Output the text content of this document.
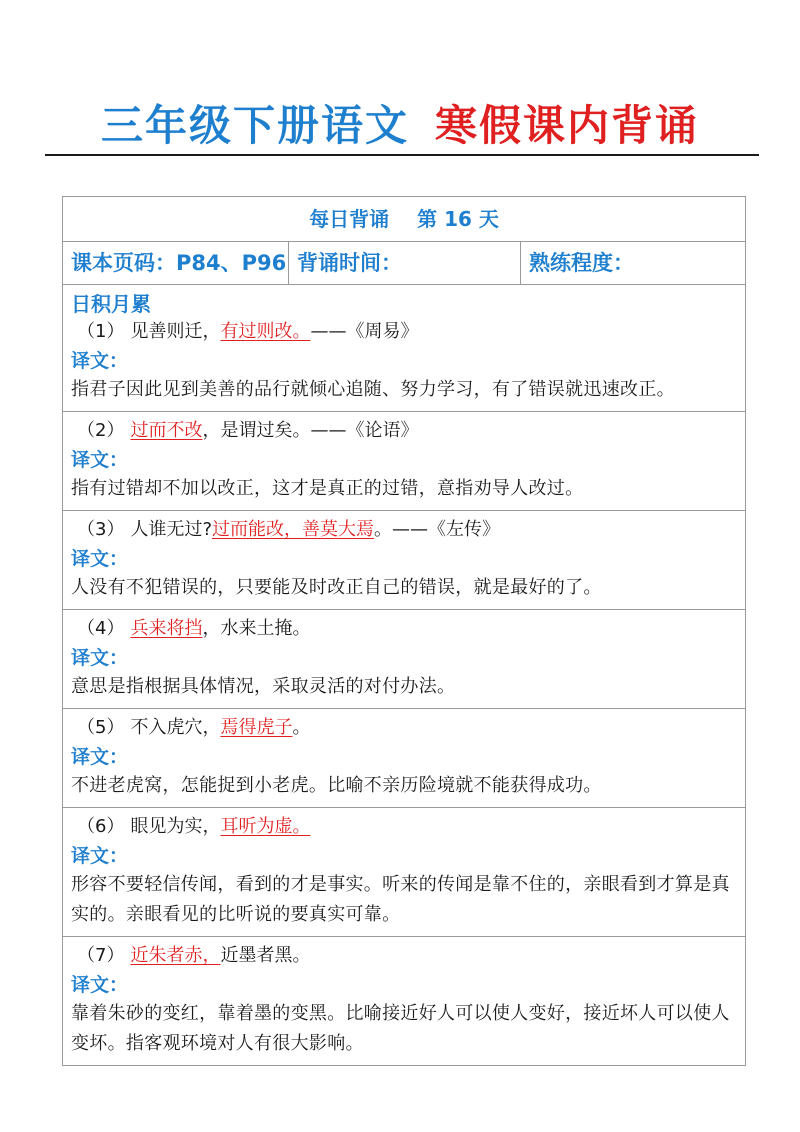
三年级下册语文 寒假课内背诵
每日背诵 第 16 天
课本页码：P84、P96 背诵时间：	熟练程度：
日积月累
（1） 见善则迁，有过则改。——《周易》
译文：
指君子因此见到美善的品行就倾心追随、努力学习，有了错误就迅速改正。
（2） 过而不改，是谓过矣。——《论语》
译文：
指有过错却不加以改正，这才是真正的过错，意指劝导人改过。
（3） 人谁无过?过而能改，善莫大焉。——《左传》
译文：
人没有不犯错误的，只要能及时改正自己的错误，就是最好的了。
（4） 兵来将挡，水来土掩。
译文：
意思是指根据具体情况，采取灵活的对付办法。
（5） 不入虎穴，焉得虎子。
译文：
不进老虎窝，怎能捉到小老虎。比喻不亲历险境就不能获得成功。
（6） 眼见为实，耳听为虚。
译文：
形容不要轻信传闻，看到的才是事实。听来的传闻是靠不住的，亲眼看到才算是真实的。亲眼看见的比听说的要真实可靠。
（7） 近朱者赤，近墨者黑。
译文：
靠着朱砂的变红，靠着墨的变黑。比喻接近好人可以使人变好，接近坏人可以使人变坏。指客观环境对人有很大影响。
